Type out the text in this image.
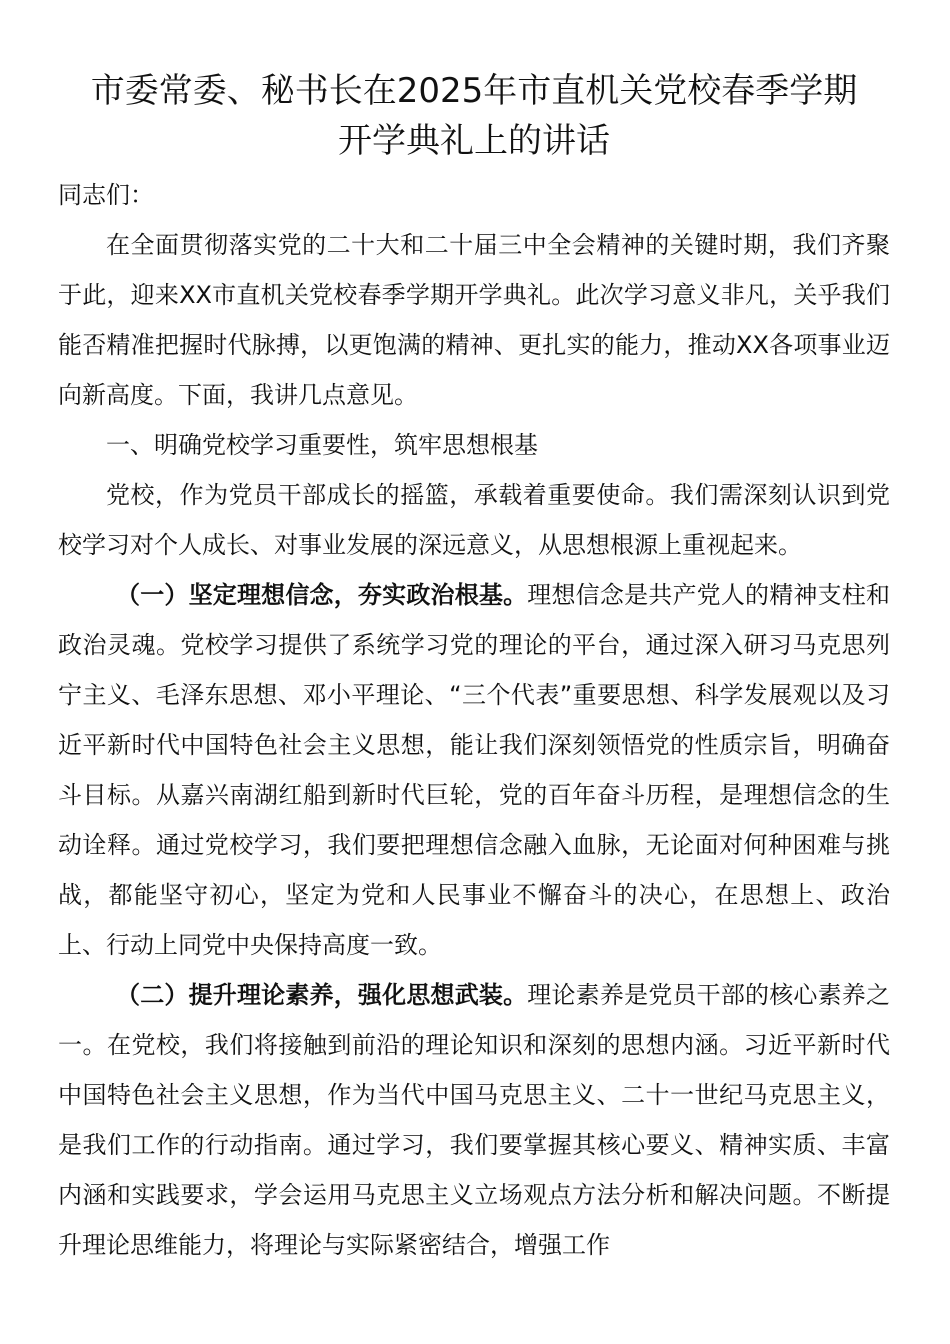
市委常委、秘书长在2025年市直机关党校春季学期
开学典礼上的讲话

同志们：

在全面贯彻落实党的二十大和二十届三中全会精神的关键时期，我们齐聚于此，迎来XX市直机关党校春季学期开学典礼。此次学习意义非凡，关乎我们能否精准把握时代脉搏，以更饱满的精神、更扎实的能力，推动XX各项事业迈向新高度。下面，我讲几点意见。

一、明确党校学习重要性，筑牢思想根基

党校，作为党员干部成长的摇篮，承载着重要使命。我们需深刻认识到党校学习对个人成长、对事业发展的深远意义，从思想根源上重视起来。

（一）坚定理想信念，夯实政治根基。理想信念是共产党人的精神支柱和政治灵魂。党校学习提供了系统学习党的理论的平台，通过深入研习马克思列宁主义、毛泽东思想、邓小平理论、“三个代表”重要思想、科学发展观以及习近平新时代中国特色社会主义思想，能让我们深刻领悟党的性质宗旨，明确奋斗目标。从嘉兴南湖红船到新时代巨轮，党的百年奋斗历程，是理想信念的生动诠释。通过党校学习，我们要把理想信念融入血脉，无论面对何种困难与挑战，都能坚守初心，坚定为党和人民事业不懈奋斗的决心，在思想上、政治上、行动上同党中央保持高度一致。

（二）提升理论素养，强化思想武装。理论素养是党员干部的核心素养之一。在党校，我们将接触到前沿的理论知识和深刻的思想内涵。习近平新时代中国特色社会主义思想，作为当代中国马克思主义、二十一世纪马克思主义，是我们工作的行动指南。通过学习，我们要掌握其核心要义、精神实质、丰富内涵和实践要求，学会运用马克思主义立场观点方法分析和解决问题。不断提升理论思维能力，将理论与实际紧密结合，增强工作
